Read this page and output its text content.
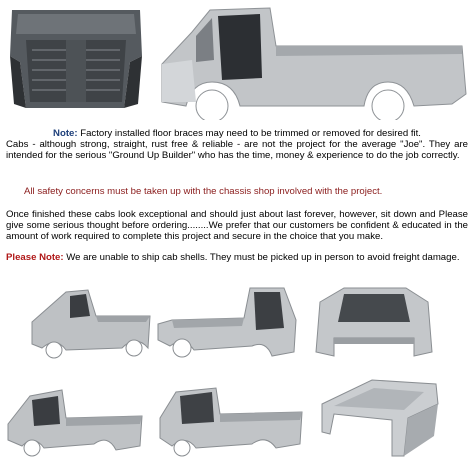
Note: Factory installed floor braces may need to be trimmed or removed for desired fit.
Cabs - although strong, straight, rust free & reliable - are not the project for the average "Joe". They are intended for the serious "Ground Up Builder" who has the time, money & experience to do the job correctly.
All safety concerns must be taken up with the chassis shop involved with the project.
Once finished these cabs look exceptional and should just about last forever, however, sit down and Please give some serious thought before ordering........We prefer that our customers be confident & educated in the amount of work required to complete this project and secure in the choice that you make.
Please Note: We are unable to ship cab shells. They must be picked up in person to avoid freight damage.
